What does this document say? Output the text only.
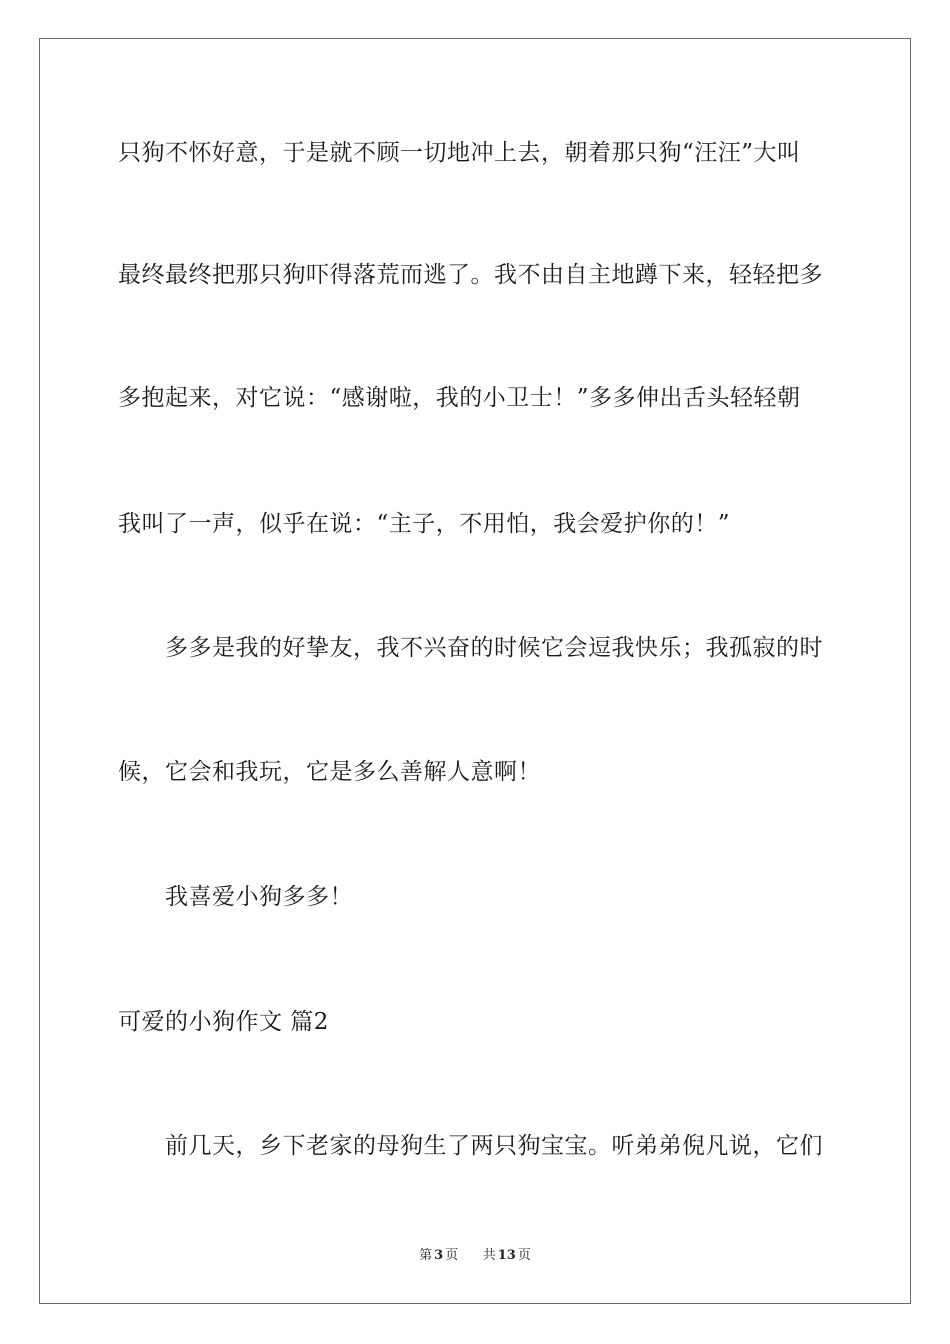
只狗不怀好意，于是就不顾一切地冲上去，朝着那只狗“汪汪”大叫
最终最终把那只狗吓得落荒而逃了。我不由自主地蹲下来，轻轻把多
多抱起来，对它说：“感谢啦，我的小卫士！”多多伸出舌头轻轻朝
我叫了一声，似乎在说：“主子，不用怕，我会爱护你的！”
多多是我的好挚友，我不兴奋的时候它会逗我快乐；我孤寂的时
候，它会和我玩，它是多么善解人意啊！
我喜爱小狗多多！
可爱的小狗作文 篇2
前几天，乡下老家的母狗生了两只狗宝宝。听弟弟倪凡说，它们
第 3 页 共 13 页
